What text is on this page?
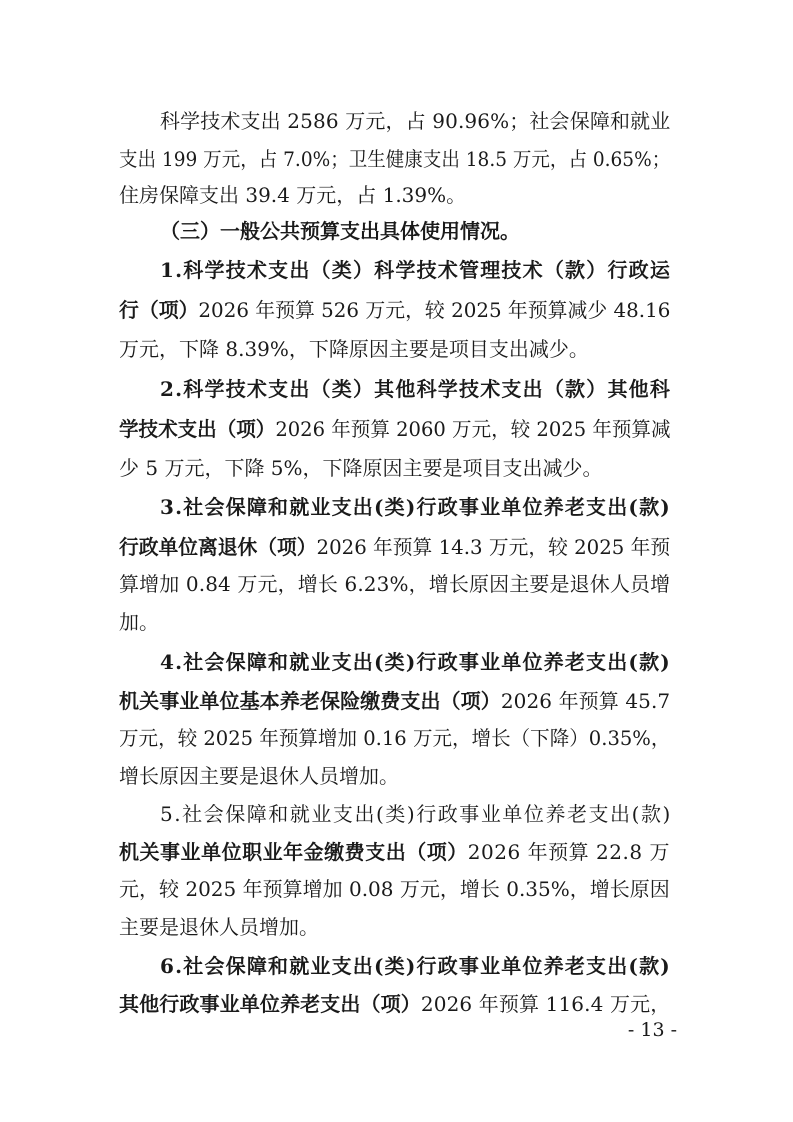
科学技术支出 2586 万元，占 90.96%；社会保障和就业
支出 199 万元，占 7.0%；卫生健康支出 18.5 万元，占 0.65%；
住房保障支出 39.4 万元，占 1.39%。
（三）一般公共预算支出具体使用情况。
1.科学技术支出（类）科学技术管理技术（款）行政运
行（项）2026 年预算 526 万元，较 2025 年预算减少 48.16
万元，下降 8.39%，下降原因主要是项目支出减少。
2.科学技术支出（类）其他科学技术支出（款）其他科
学技术支出（项）2026 年预算 2060 万元，较 2025 年预算减
少 5 万元，下降 5%，下降原因主要是项目支出减少。
3.社会保障和就业支出(类)行政事业单位养老支出(款)
行政单位离退休（项）2026 年预算 14.3 万元，较 2025 年预
算增加 0.84 万元，增长 6.23%，增长原因主要是退休人员增
加。
4.社会保障和就业支出(类)行政事业单位养老支出(款)
机关事业单位基本养老保险缴费支出（项）2026 年预算 45.7
万元，较 2025 年预算增加 0.16 万元，增长（下降）0.35%，
增长原因主要是退休人员增加。
5.社会保障和就业支出(类)行政事业单位养老支出(款)
机关事业单位职业年金缴费支出（项）2026 年预算 22.8 万
元，较 2025 年预算增加 0.08 万元，增长 0.35%，增长原因
主要是退休人员增加。
6.社会保障和就业支出(类)行政事业单位养老支出(款)
其他行政事业单位养老支出（项）2026 年预算 116.4 万元，
- 13 -
